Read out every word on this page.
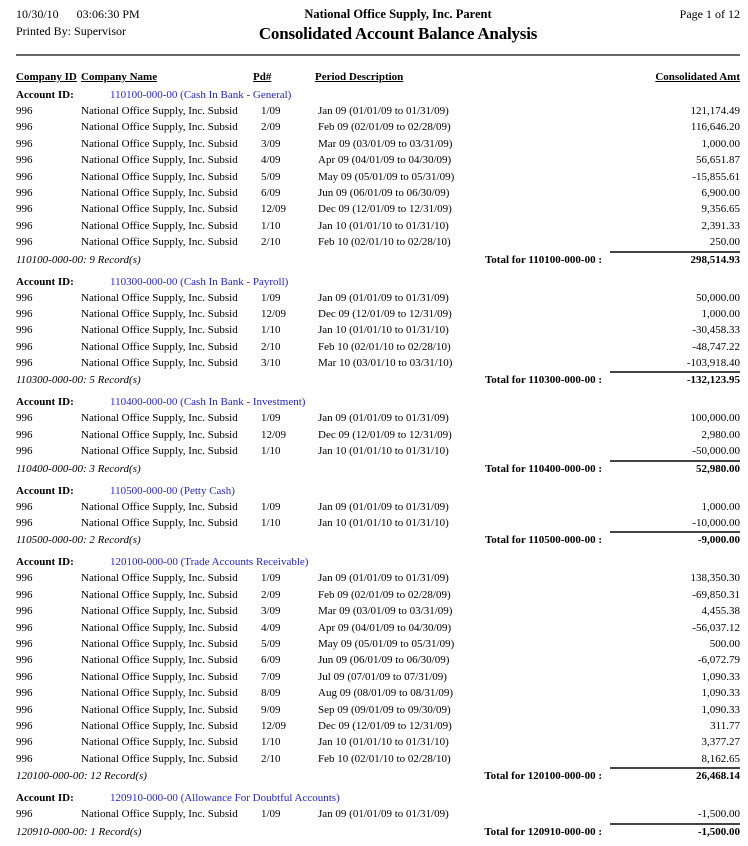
10/30/10 03:06:30 PM
Printed By: Supervisor
National Office Supply, Inc. Parent
Consolidated Account Balance Analysis
Page 1 of 12
Company ID Company Name	Pd#	Period Description	Consolidated Amt
Account ID:	110100-000-00 (Cash In Bank - General)
996	National Office Supply, Inc. Subsid	1/09	Jan 09 (01/01/09 to 01/31/09)	121,174.49
996	National Office Supply, Inc. Subsid	2/09	Feb 09 (02/01/09 to 02/28/09)	116,646.20
996	National Office Supply, Inc. Subsid	3/09	Mar 09 (03/01/09 to 03/31/09)	1,000.00
996	National Office Supply, Inc. Subsid	4/09	Apr 09 (04/01/09 to 04/30/09)	56,651.87
996	National Office Supply, Inc. Subsid	5/09	May 09 (05/01/09 to 05/31/09)	-15,855.61
996	National Office Supply, Inc. Subsid	6/09	Jun 09 (06/01/09 to 06/30/09)	6,900.00
996	National Office Supply, Inc. Subsid	12/09	Dec 09 (12/01/09 to 12/31/09)	9,356.65
996	National Office Supply, Inc. Subsid	1/10	Jan 10 (01/01/10 to 01/31/10)	2,391.33
996	National Office Supply, Inc. Subsid	2/10	Feb 10 (02/01/10 to 02/28/10)	250.00
110100-000-00: 9 Record(s)	Total for 110100-000-00 :	298,514.93
Account ID:	110300-000-00 (Cash In Bank - Payroll)
996	National Office Supply, Inc. Subsid	1/09	Jan 09 (01/01/09 to 01/31/09)	50,000.00
996	National Office Supply, Inc. Subsid	12/09	Dec 09 (12/01/09 to 12/31/09)	1,000.00
996	National Office Supply, Inc. Subsid	1/10	Jan 10 (01/01/10 to 01/31/10)	-30,458.33
996	National Office Supply, Inc. Subsid	2/10	Feb 10 (02/01/10 to 02/28/10)	-48,747.22
996	National Office Supply, Inc. Subsid	3/10	Mar 10 (03/01/10 to 03/31/10)	-103,918.40
110300-000-00: 5 Record(s)	Total for 110300-000-00 :	-132,123.95
Account ID:	110400-000-00 (Cash In Bank - Investment)
996	National Office Supply, Inc. Subsid	1/09	Jan 09 (01/01/09 to 01/31/09)	100,000.00
996	National Office Supply, Inc. Subsid	12/09	Dec 09 (12/01/09 to 12/31/09)	2,980.00
996	National Office Supply, Inc. Subsid	1/10	Jan 10 (01/01/10 to 01/31/10)	-50,000.00
110400-000-00: 3 Record(s)	Total for 110400-000-00 :	52,980.00
Account ID:	110500-000-00 (Petty Cash)
996	National Office Supply, Inc. Subsid	1/09	Jan 09 (01/01/09 to 01/31/09)	1,000.00
996	National Office Supply, Inc. Subsid	1/10	Jan 10 (01/01/10 to 01/31/10)	-10,000.00
110500-000-00: 2 Record(s)	Total for 110500-000-00 :	-9,000.00
Account ID:	120100-000-00 (Trade Accounts Receivable)
996	National Office Supply, Inc. Subsid	1/09	Jan 09 (01/01/09 to 01/31/09)	138,350.30
996	National Office Supply, Inc. Subsid	2/09	Feb 09 (02/01/09 to 02/28/09)	-69,850.31
996	National Office Supply, Inc. Subsid	3/09	Mar 09 (03/01/09 to 03/31/09)	4,455.38
996	National Office Supply, Inc. Subsid	4/09	Apr 09 (04/01/09 to 04/30/09)	-56,037.12
996	National Office Supply, Inc. Subsid	5/09	May 09 (05/01/09 to 05/31/09)	500.00
996	National Office Supply, Inc. Subsid	6/09	Jun 09 (06/01/09 to 06/30/09)	-6,072.79
996	National Office Supply, Inc. Subsid	7/09	Jul 09 (07/01/09 to 07/31/09)	1,090.33
996	National Office Supply, Inc. Subsid	8/09	Aug 09 (08/01/09 to 08/31/09)	1,090.33
996	National Office Supply, Inc. Subsid	9/09	Sep 09 (09/01/09 to 09/30/09)	1,090.33
996	National Office Supply, Inc. Subsid	12/09	Dec 09 (12/01/09 to 12/31/09)	311.77
996	National Office Supply, Inc. Subsid	1/10	Jan 10 (01/01/10 to 01/31/10)	3,377.27
996	National Office Supply, Inc. Subsid	2/10	Feb 10 (02/01/10 to 02/28/10)	8,162.65
120100-000-00: 12 Record(s)	Total for 120100-000-00 :	26,468.14
Account ID:	120910-000-00 (Allowance For Doubtful Accounts)
996	National Office Supply, Inc. Subsid	1/09	Jan 09 (01/01/09 to 01/31/09)	-1,500.00
120910-000-00: 1 Record(s)	Total for 120910-000-00 :	-1,500.00
